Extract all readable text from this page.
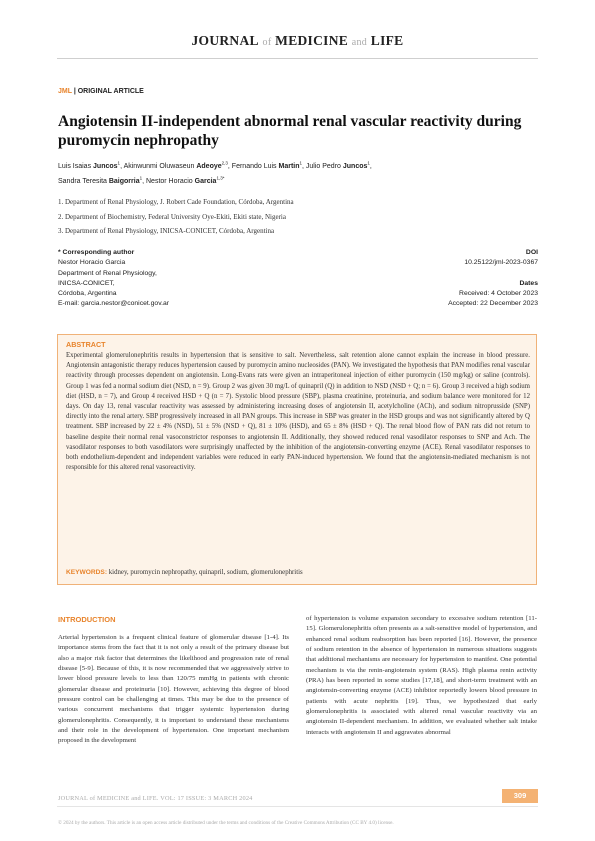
JOURNAL of MEDICINE and LIFE
JML | ORIGINAL ARTICLE
Angiotensin II-independent abnormal renal vascular reactivity during puromycin nephropathy
Luis Isaias Juncos$^1$, Akinwunmi Oluwaseun Adeoye$^{2,3}$, Fernando Luis Martin$^1$, Julio Pedro Juncos$^1$,
Sandra Teresita Baigorria$^1$, Nestor Horacio Garcia$^{1,3*}$
1. Department of Renal Physiology, J. Robert Cade Foundation, Córdoba, Argentina
2. Department of Biochemistry, Federal University Oye-Ekiti, Ekiti state, Nigeria
3. Department of Renal Physiology, INICSA-CONICET, Córdoba, Argentina
* Corresponding author
Nestor Horacio Garcia
Department of Renal Physiology,
INICSA-CONICET,
Córdoba, Argentina
E-mail: garcia.nestor@conicet.gov.ar
DOI
10.25122/jml-2023-0367
Dates
Received: 4 October 2023
Accepted: 22 December 2023
ABSTRACT
Experimental glomerulonephritis results in hypertension that is sensitive to salt. Nevertheless, salt retention alone cannot explain the increase in blood pressure. Angiotensin antagonistic therapy reduces hypertension caused by puromycin amino nucleosides (PAN). We investigated the hypothesis that PAN modifies renal vascular reactivity through processes dependent on angiotensin. Long-Evans rats were given an intraperitoneal injection of either puromycin (150 mg/kg) or saline (controls). Group 1 was fed a normal sodium diet (NSD, n = 9). Group 2 was given 30 mg/L of quinapril (Q) in addition to NSD (NSD + Q; n = 6). Group 3 received a high sodium diet (HSD, n = 7), and Group 4 received HSD + Q (n = 7). Systolic blood pressure (SBP), plasma creatinine, proteinuria, and sodium balance were monitored for 12 days. On day 13, renal vascular reactivity was assessed by administering increasing doses of angiotensin II, acetylcholine (ACh), and sodium nitroprusside (SNP) directly into the renal artery. SBP progressively increased in all PAN groups. This increase in SBP was greater in the HSD groups and was not significantly altered by Q treatment. SBP increased by 22 ± 4% (NSD), 51 ± 5% (NSD + Q), 81 ± 10% (HSD), and 65 ± 8% (HSD + Q). The renal blood flow of PAN rats did not return to baseline despite their normal renal vasoconstrictor responses to angiotensin II. Additionally, they showed reduced renal vasodilator responses to SNP and Ach. The vasodilator responses to both vasodilators were surprisingly unaffected by the inhibition of the angiotensin-converting enzyme (ACE). Renal vasodilator responses to both endothelium-dependent and independent variables were reduced in early PAN-induced hypertension. We found that the angiotensin-mediated mechanism is not responsible for this altered renal vasoreactivity.
KEYWORDS: kidney, puromycin nephropathy, quinapril, sodium, glomerulonephritis
INTRODUCTION
Arterial hypertension is a frequent clinical feature of glomerular disease [1-4]. Its importance stems from the fact that it is not only a result of the primary disease but also a major risk factor that determines the likelihood and progression rate of renal disease [5-9]. Because of this, it is now recommended that we aggressively strive to lower blood pressure levels to less than 120/75 mmHg in patients with chronic glomerular disease and proteinuria [10]. However, achieving this degree of blood pressure control can be challenging at times. This may be due to the presence of various concurrent mechanisms that trigger systemic hypertension during glomerulonephritis. Consequently, it is important to understand these mechanisms and their role in the development of hypertension. One important mechanism proposed in the development
of hypertension is volume expansion secondary to excessive sodium retention [11-15]. Glomerulonephritis often presents as a salt-sensitive model of hypertension, and enhanced renal sodium reabsorption has been reported [16]. However, the presence of sodium retention in the absence of hypertension in numerous situations suggests that additional mechanisms are necessary for hypertension to manifest. One potential mechanism is via the renin-angiotensin system (RAS). High plasma renin activity (PRA) has been reported in some studies [17,18], and short-term treatment with an angiotensin-converting enzyme (ACE) inhibitor reportedly lowers blood pressure in patients with acute nephritis [19]. Thus, we hypothesized that early glomerulonephritis is associated with altered renal vascular reactivity via an angiotensin II-dependent mechanism. In addition, we evaluated whether salt intake interacts with angiotensin II and aggravates abnormal
JOURNAL of MEDICINE and LIFE. VOL: 17 ISSUE: 3 MARCH 2024	309
© 2024 by the authors. This article is an open access article distributed under the terms and conditions of the Creative Commons Attribution (CC BY 4.0) license.
